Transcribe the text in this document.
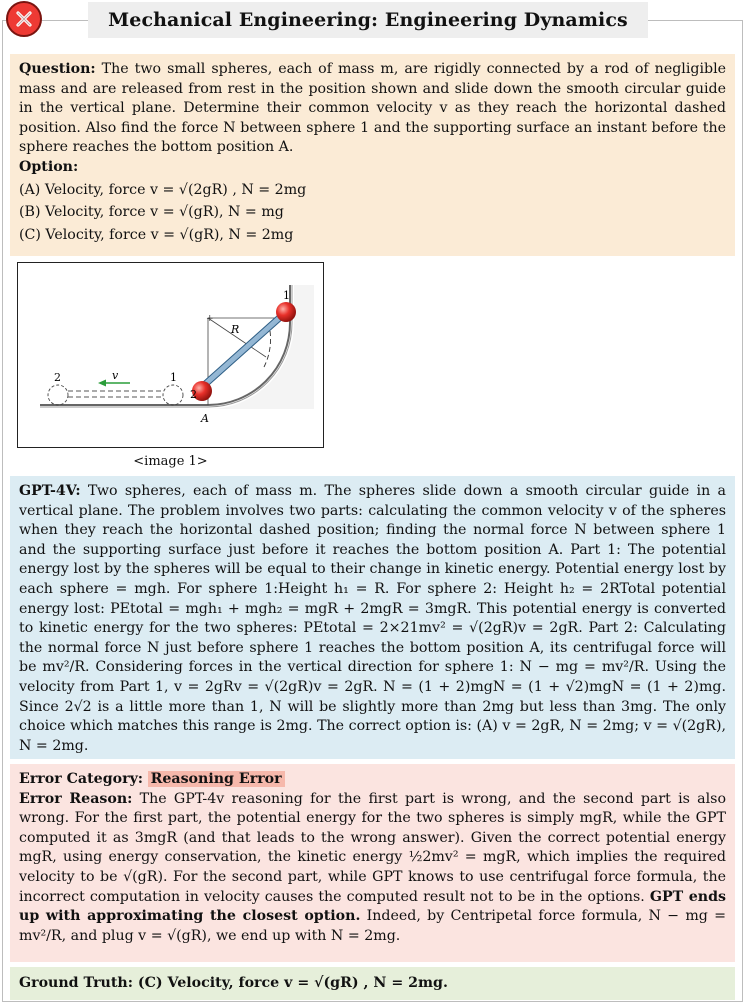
Mechanical Engineering: Engineering Dynamics

Question: The two small spheres, each of mass m, are rigidly connected by a rod of negligible mass and are released from rest in the position shown and slide down the smooth circular guide in the vertical plane. Determine their common velocity v as they reach the horizontal dashed position. Also find the force N between sphere 1 and the supporting surface an instant before the sphere reaches the bottom position A.

Option:

(A) Velocity, force v = √(2gR) , N = 2mg

(B) Velocity, force v = √(gR), N = mg

(C) Velocity, force v = √(gR), N = 2mg

+
1
2
2	1
v
R
A
<image 1>

GPT-4V: Two spheres, each of mass m. The spheres slide down a smooth circular guide in a vertical plane. The problem involves two parts: calculating the common velocity v of the spheres when they reach the horizontal dashed position; finding the normal force N between sphere 1 and the supporting surface just before it reaches the bottom position A. Part 1: The potential energy lost by the spheres will be equal to their change in kinetic energy. Potential energy lost by each sphere = mgh. For sphere 1:Height h₁ = R. For sphere 2: Height h₂ = 2RTotal potential energy lost: PEtotal = mgh₁ + mgh₂ = mgR + 2mgR = 3mgR. This potential energy is converted to kinetic energy for the two spheres: PEtotal = 2×21mv² = √(2gR)v = 2gR. Part 2: Calculating the normal force N just before sphere 1 reaches the bottom position A, its centrifugal force will be mv²/R. Considering forces in the vertical direction for sphere 1: N − mg = mv²/R. Using the velocity from Part 1, v = 2gRv = √(2gR)v = 2gR. N = (1 + 2)mgN = (1 + √2)mgN = (1 + 2)mg. Since 2√2 is a little more than 1, N will be slightly more than 2mg but less than 3mg. The only choice which matches this range is 2mg. The correct option is: (A) v = 2gR, N = 2mg; v = √(2gR), N = 2mg.

Error Category: Reasoning Error

Error Reason: The GPT-4v reasoning for the first part is wrong, and the second part is also wrong. For the first part, the potential energy for the two spheres is simply mgR, while the GPT computed it as 3mgR (and that leads to the wrong answer). Given the correct potential energy mgR, using energy conservation, the kinetic energy ½2mv² = mgR, which implies the required velocity to be √(gR). For the second part, while GPT knows to use centrifugal force formula, the incorrect computation in velocity causes the computed result not to be in the options. GPT ends up with approximating the closest option. Indeed, by Centripetal force formula, N − mg = mv²/R, and plug v = √(gR), we end up with N = 2mg.

Ground Truth: (C) Velocity, force v = √(gR) , N = 2mg.
